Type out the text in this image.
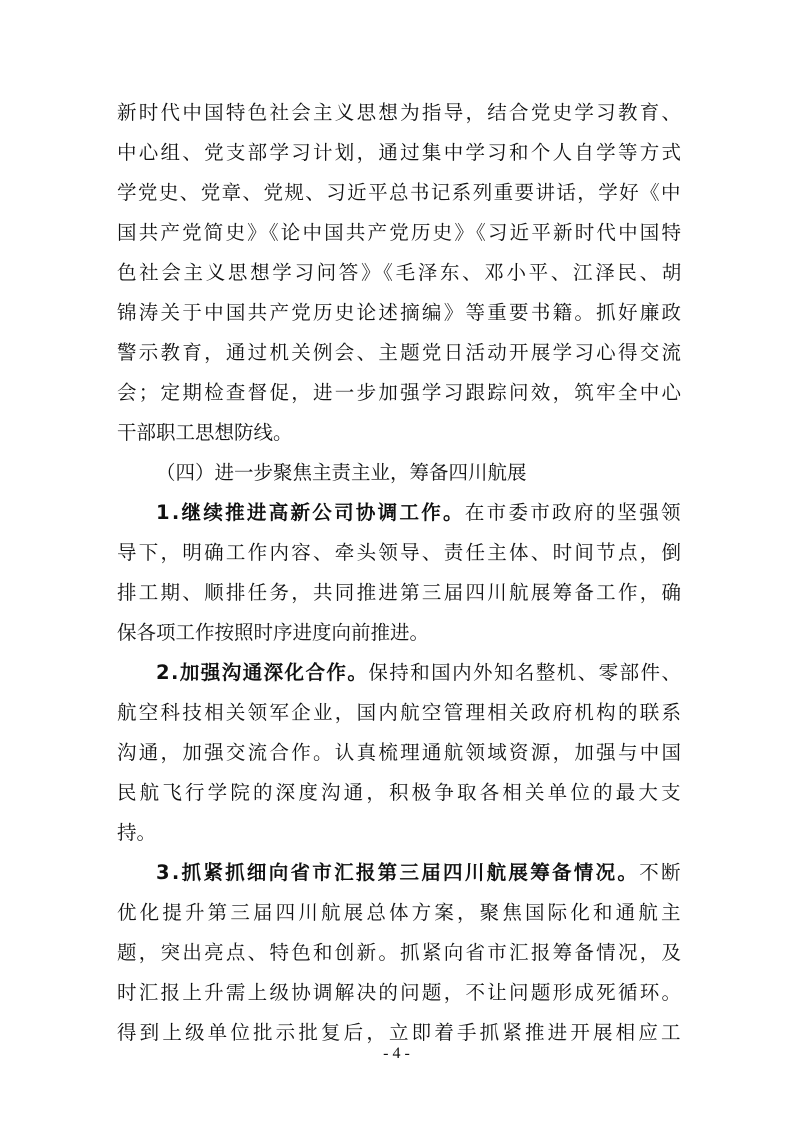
新时代中国特色社会主义思想为指导，结合党史学习教育、
中心组、党支部学习计划，通过集中学习和个人自学等方式
学党史、党章、党规、习近平总书记系列重要讲话，学好《中
国共产党简史》《论中国共产党历史》《习近平新时代中国特
色社会主义思想学习问答》《毛泽东、邓小平、江泽民、胡
锦涛关于中国共产党历史论述摘编》等重要书籍。抓好廉政
警示教育，通过机关例会、主题党日活动开展学习心得交流
会；定期检查督促，进一步加强学习跟踪问效，筑牢全中心
干部职工思想防线。
（四）进一步聚焦主责主业，筹备四川航展
1.继续推进高新公司协调工作。在市委市政府的坚强领
导下，明确工作内容、牵头领导、责任主体、时间节点，倒
排工期、顺排任务，共同推进第三届四川航展筹备工作，确
保各项工作按照时序进度向前推进。
2.加强沟通深化合作。保持和国内外知名整机、零部件、
航空科技相关领军企业，国内航空管理相关政府机构的联系
沟通，加强交流合作。认真梳理通航领域资源，加强与中国
民航飞行学院的深度沟通，积极争取各相关单位的最大支
持。
3.抓紧抓细向省市汇报第三届四川航展筹备情况。不断
优化提升第三届四川航展总体方案，聚焦国际化和通航主
题，突出亮点、特色和创新。抓紧向省市汇报筹备情况，及
时汇报上升需上级协调解决的问题，不让问题形成死循环。
得到上级单位批示批复后，立即着手抓紧推进开展相应工
- 4 -
